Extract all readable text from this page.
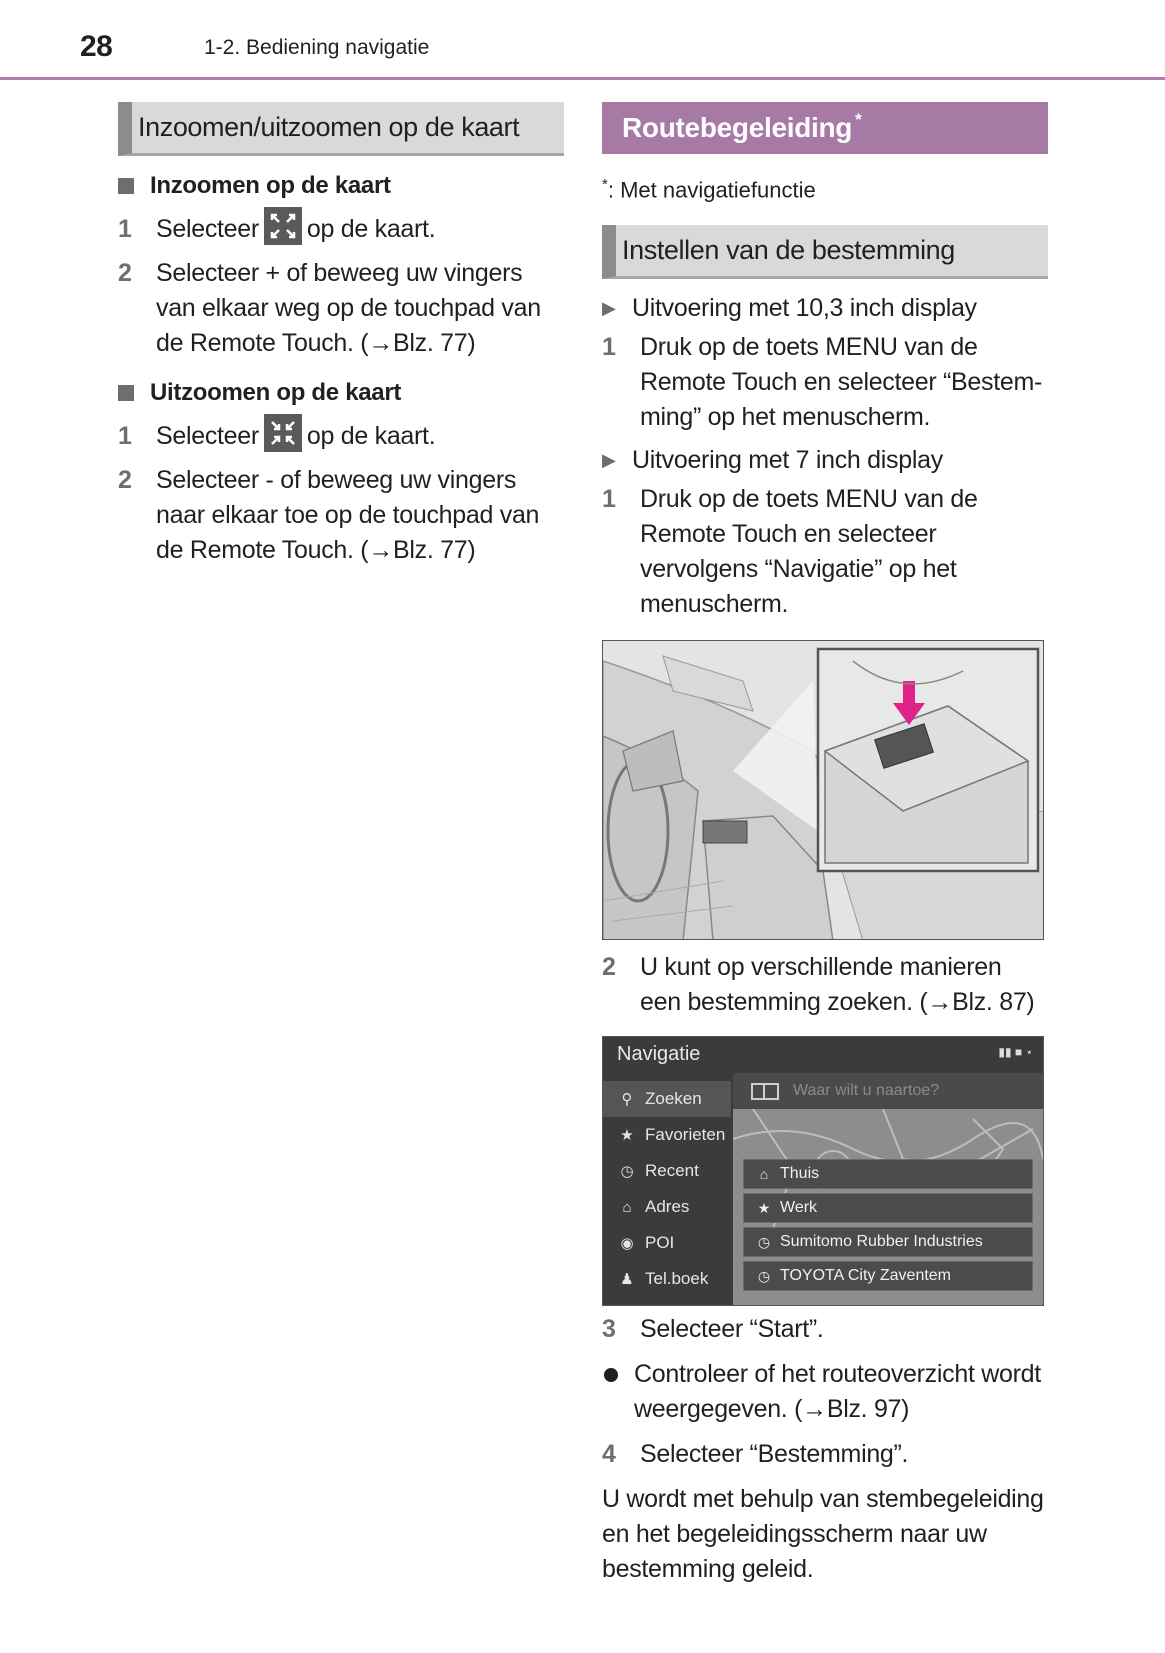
28	1-2. Bediening navigatie
Inzoomen/uitzoomen op de kaart
Inzoomen op de kaart
1 Selecteer op de kaart.
2 Selecteer + of beweeg uw vingers van elkaar weg op de touchpad van de Remote Touch. (→Blz. 77)
Uitzoomen op de kaart
1 Selecteer op de kaart.
2 Selecteer - of beweeg uw vingers naar elkaar toe op de touchpad van de Remote Touch. (→Blz. 77)
Routebegeleiding*
*: Met navigatiefunctie
Instellen van de bestemming
▶ Uitvoering met 10,3 inch display
1 Druk op de toets MENU van de Remote Touch en selecteer “Bestemming” op het menuscherm.
▶ Uitvoering met 7 inch display
1 Druk op de toets MENU van de Remote Touch en selecteer vervolgens “Navigatie” op het menuscherm.
2 U kunt op verschillende manieren een bestemming zoeken. (→Blz. 87)
Navigatie	▮▮ ■ ⋆
Waar wilt u naartoe?
⚲ Zoeken
★ Favorieten
◷ Recent
⌂ Adres
◉ POI
♟ Tel.boek
⌂ Thuis
★ Werk
◷ Sumitomo Rubber Industries
◷ TOYOTA City Zaventem
3 Selecteer “Start”.
Controleer of het routeoverzicht wordt weergegeven. (→Blz. 97)
4 Selecteer “Bestemming”.
U wordt met behulp van stembegeleiding en het begeleidingsscherm naar uw bestemming geleid.
